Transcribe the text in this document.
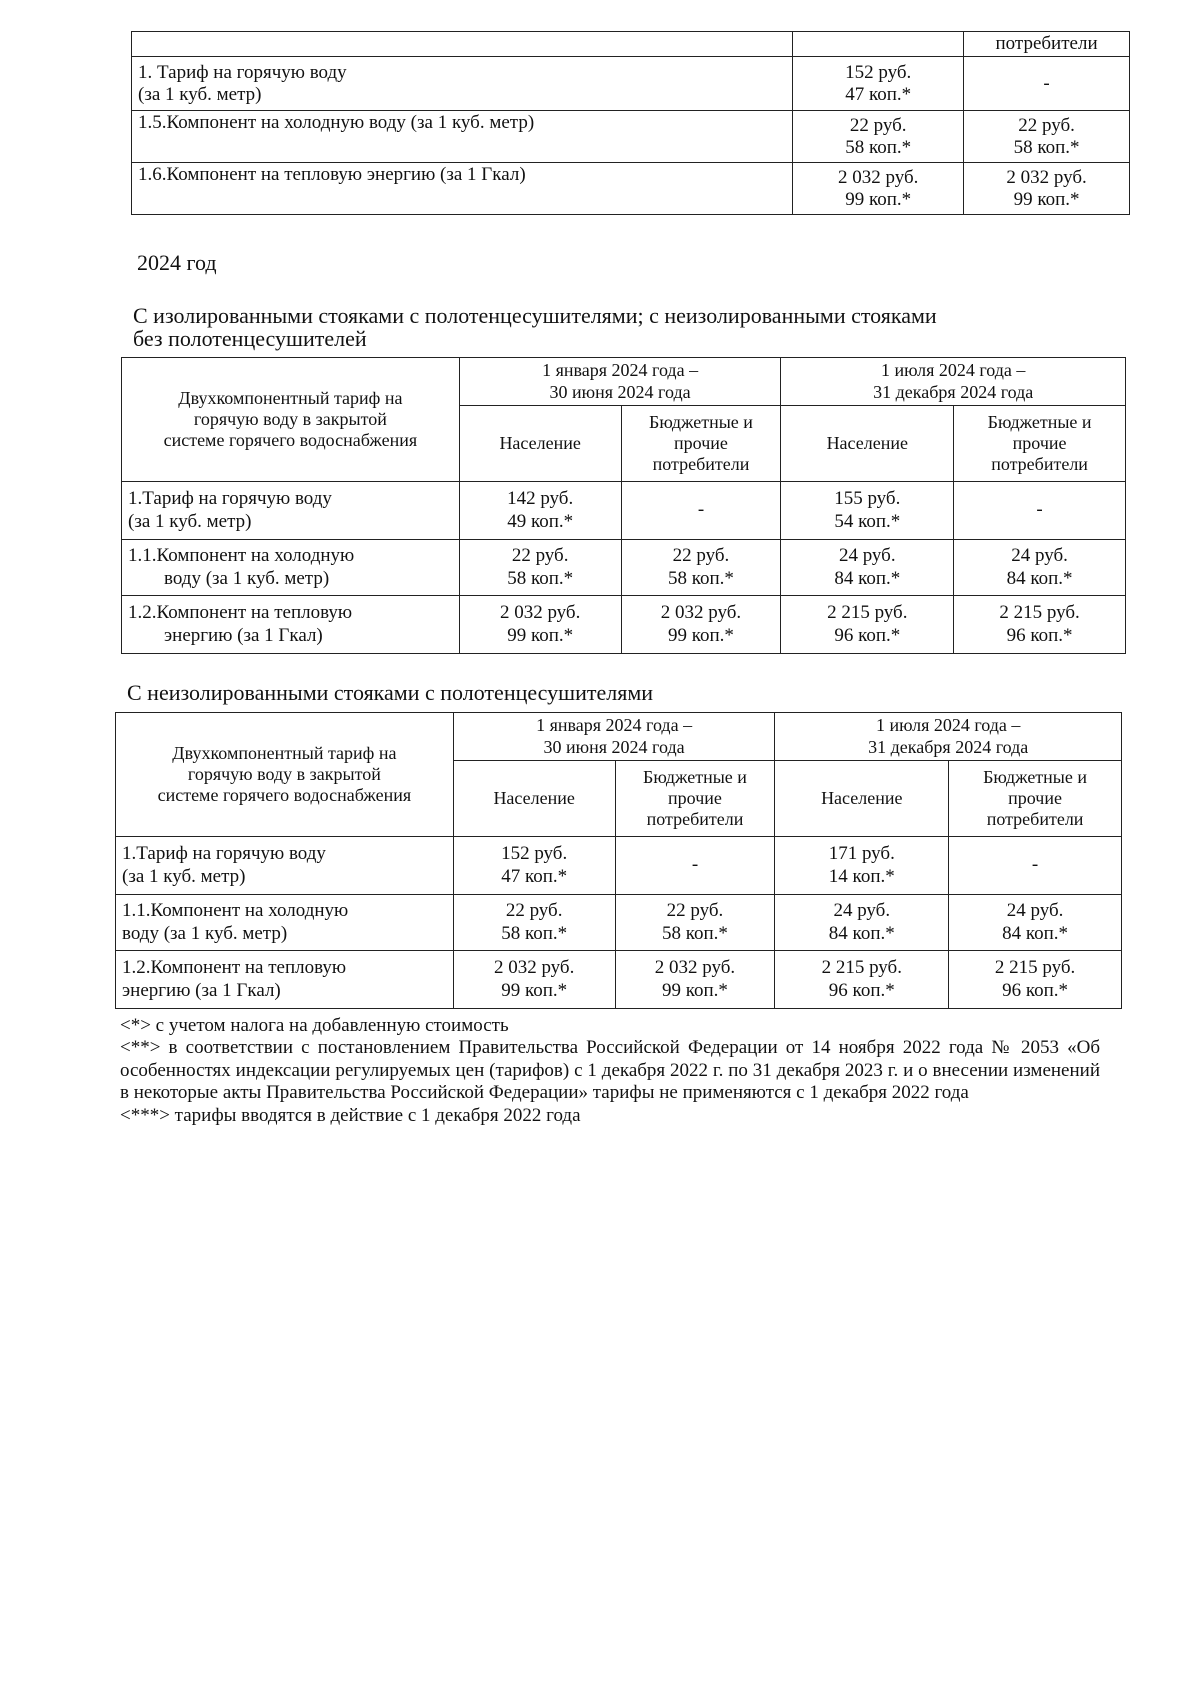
		потребители

1. Тариф на горячую воду
(за 1 куб. метр)	152 руб.
47 коп.*	-

1.5.Компонент на холодную воду (за 1 куб. метр)	22 руб.
58 коп.*	22 руб.
58 коп.*

1.6.Компонент на тепловую энергию (за 1 Гкал)	2 032 руб.
99 коп.*	2 032 руб.
99 коп.*
2024 год
С изолированными стояками с полотенцесушителями; с неизолированными стояками
без полотенцесушителей
Двухкомпонентный тариф на
горячую воду в закрытой
системе горячего водоснабжения	1 января 2024 года –
30 июня 2024 года		1 июля 2024 года –
31 декабря 2024 года	

	Население	Бюджетные и
прочие
потребители	Население	Бюджетные и
прочие
потребители

1.Тариф на горячую воду
(за 1 куб. метр)	142 руб.
49 коп.*	-	155 руб.
54 коп.*	-

1.1.Компонент на холодную
воду (за 1 куб. метр)	22 руб.
58 коп.*	22 руб.
58 коп.*	24 руб.
84 коп.*	24 руб.
84 коп.*

1.2.Компонент на тепловую
энергию (за 1 Гкал)	2 032 руб.
99 коп.*	2 032 руб.
99 коп.*	2 215 руб.
96 коп.*	2 215 руб.
96 коп.*
С неизолированными стояками с полотенцесушителями
Двухкомпонентный тариф на
горячую воду в закрытой
системе горячего водоснабжения	1 января 2024 года –
30 июня 2024 года		1 июля 2024 года –
31 декабря 2024 года	

	Население	Бюджетные и
прочие
потребители	Население	Бюджетные и
прочие
потребители

1.Тариф на горячую воду
(за 1 куб. метр)	152 руб.
47 коп.*	-	171 руб.
14 коп.*	-

1.1.Компонент на холодную
воду (за 1 куб. метр)	22 руб.
58 коп.*	22 руб.
58 коп.*	24 руб.
84 коп.*	24 руб.
84 коп.*

1.2.Компонент на тепловую
энергию (за 1 Гкал)	2 032 руб.
99 коп.*	2 032 руб.
99 коп.*	2 215 руб.
96 коп.*	2 215 руб.
96 коп.*
<*> с учетом налога на добавленную стоимость
<**> в соответствии с постановлением Правительства Российской Федерации от 14 ноября 2022 года № 2053 «Об особенностях индексации регулируемых цен (тарифов) с 1 декабря 2022 г. по 31 декабря 2023 г. и о внесении изменений в некоторые акты Правительства Российской Федерации» тарифы не применяются с 1 декабря 2022 года
<***> тарифы вводятся в действие с 1 декабря 2022 года
